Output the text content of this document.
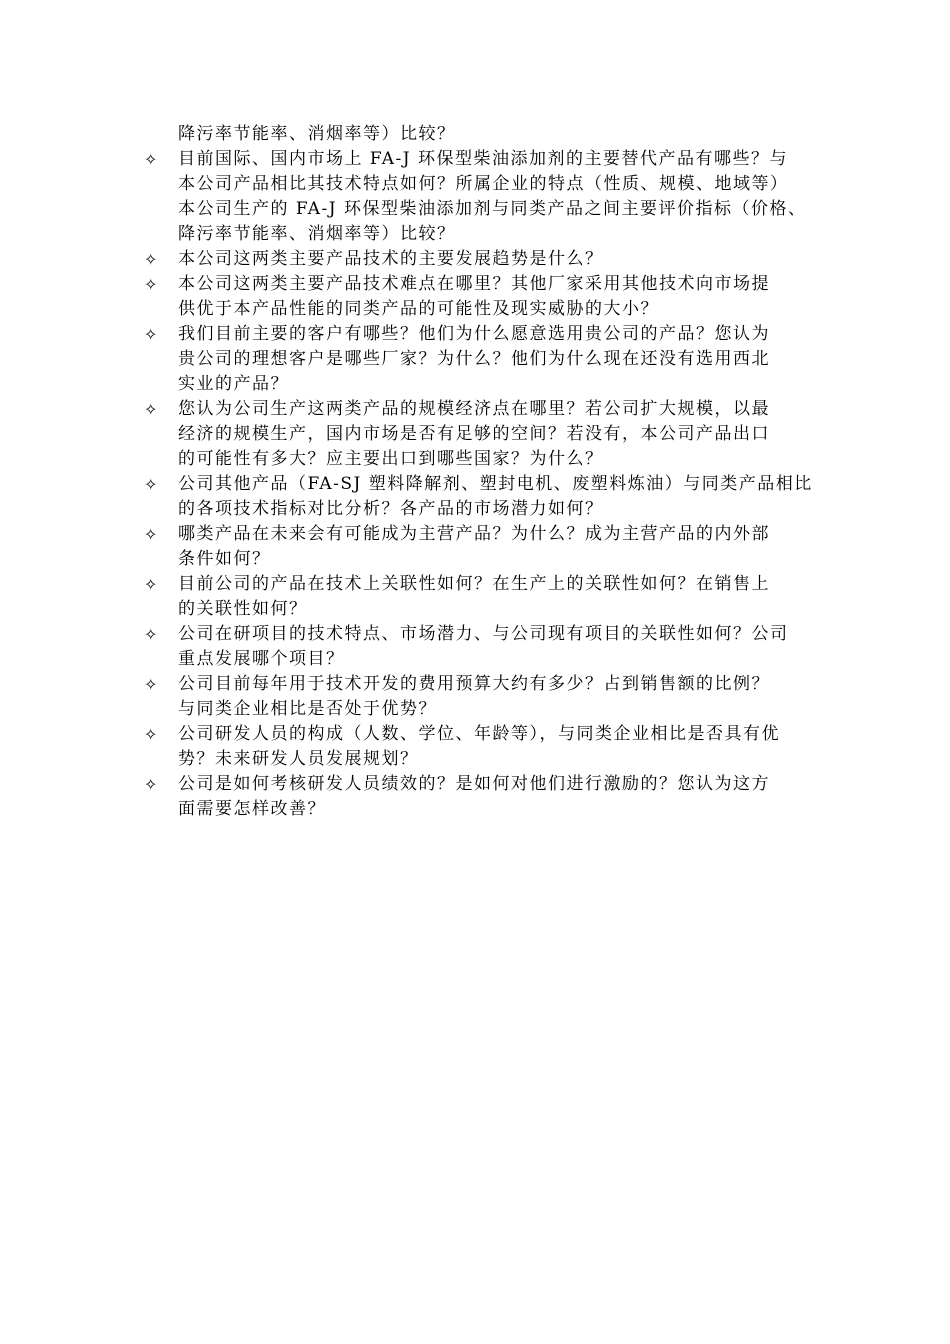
降污率节能率、消烟率等）比较？
✧	目前国际、国内市场上 FA-J 环保型柴油添加剂的主要替代产品有哪些？与
本公司产品相比其技术特点如何？所属企业的特点（性质、规模、地域等）
本公司生产的 FA-J 环保型柴油添加剂与同类产品之间主要评价指标（价格、
降污率节能率、消烟率等）比较？
✧	本公司这两类主要产品技术的主要发展趋势是什么？
✧	本公司这两类主要产品技术难点在哪里？其他厂家采用其他技术向市场提
供优于本产品性能的同类产品的可能性及现实威胁的大小？
✧	我们目前主要的客户有哪些？他们为什么愿意选用贵公司的产品？您认为
贵公司的理想客户是哪些厂家？为什么？他们为什么现在还没有选用西北
实业的产品？
✧	您认为公司生产这两类产品的规模经济点在哪里？若公司扩大规模，以最
经济的规模生产，国内市场是否有足够的空间？若没有，本公司产品出口
的可能性有多大？应主要出口到哪些国家？为什么？
✧	公司其他产品（FA-SJ 塑料降解剂、塑封电机、废塑料炼油）与同类产品相比
的各项技术指标对比分析？各产品的市场潜力如何？
✧	哪类产品在未来会有可能成为主营产品？为什么？成为主营产品的内外部
条件如何？
✧	目前公司的产品在技术上关联性如何？在生产上的关联性如何？在销售上
的关联性如何？
✧	公司在研项目的技术特点、市场潜力、与公司现有项目的关联性如何？公司
重点发展哪个项目？
✧	公司目前每年用于技术开发的费用预算大约有多少？占到销售额的比例？
与同类企业相比是否处于优势？
✧	公司研发人员的构成（人数、学位、年龄等），与同类企业相比是否具有优
势？未来研发人员发展规划？
✧	公司是如何考核研发人员绩效的？是如何对他们进行激励的？您认为这方
面需要怎样改善？
